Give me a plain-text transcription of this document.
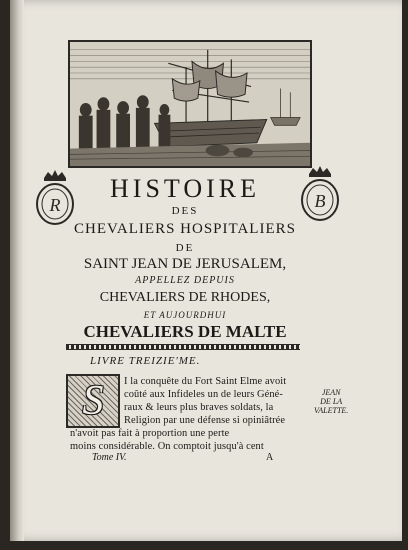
R	B
HISTOIRE
DES
CHEVALIERS HOSPITALIERS
DE
SAINT JEAN DE JERUSALEM,
APPELLEZ DEPUIS
CHEVALIERS DE RHODES,
ET AUJOURDHUI
CHEVALIERS DE MALTE
LIVRE TREIZIE'ME.
S I la conquête du Fort Saint Elme avoit
coûté aux Infideles un de leurs Géné-
raux & leurs plus braves soldats, la
Religion par une défense si opiniâtrée
n'avoit pas fait à proportion une perte
moins considérable. On comptoit jusqu'à cent
JEAN
DE LA
VALETTE.
Tome IV.	A
